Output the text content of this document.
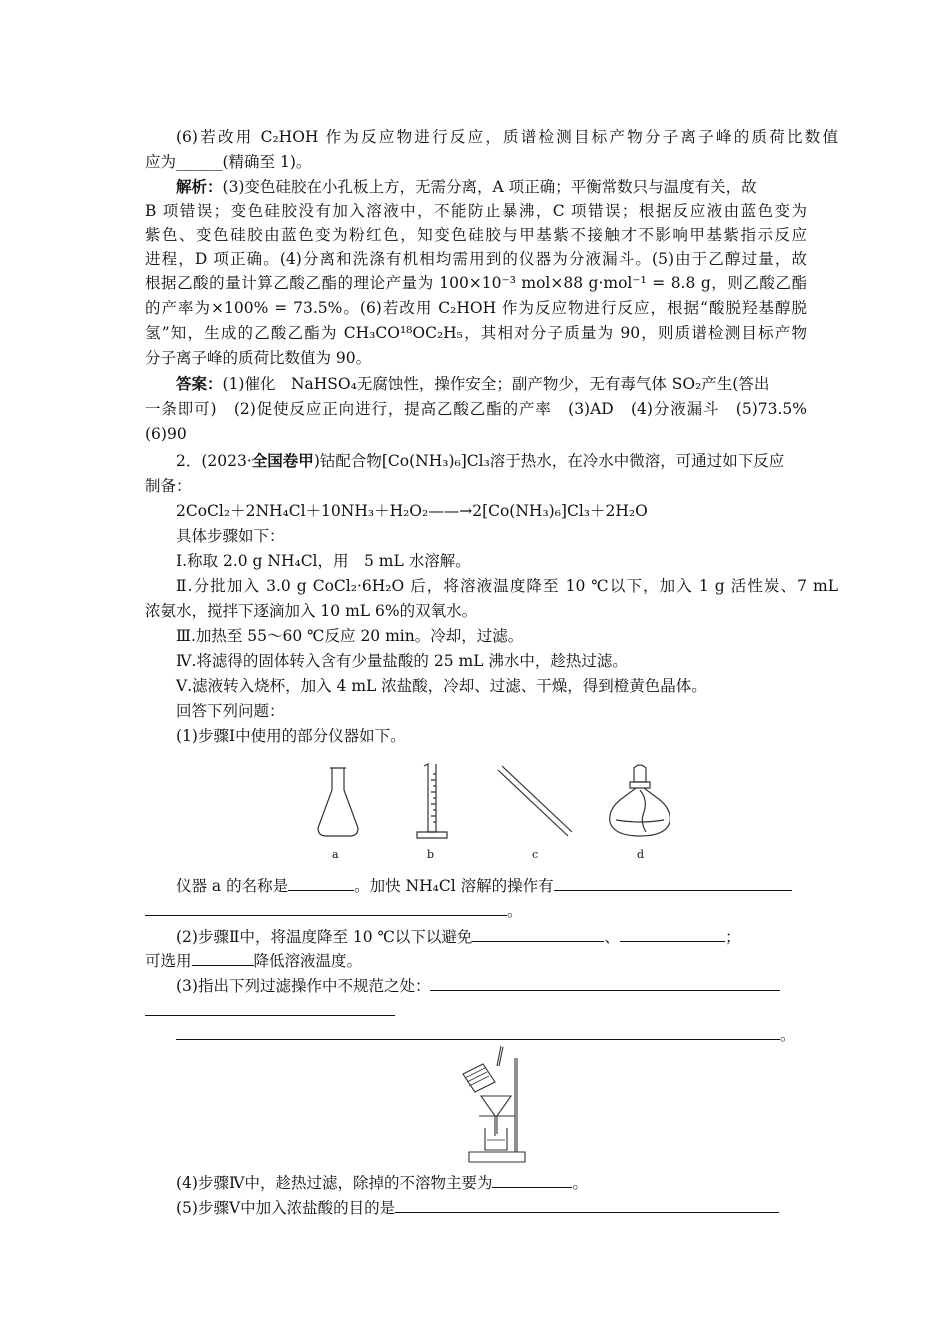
(6)若改用 C₂HOH 作为反应物进行反应，质谱检测目标产物分子离子峰的质荷比数值
应为______(精确至 1)。
解析：(3)变色硅胶在小孔板上方，无需分离，A 项正确；平衡常数只与温度有关，故
B 项错误；变色硅胶没有加入溶液中，不能防止暴沸，C 项错误；根据反应液由蓝色变为
紫色、变色硅胶由蓝色变为粉红色，知变色硅胶与甲基紫不接触才不影响甲基紫指示反应
进程，D 项正确。(4)分离和洗涤有机相均需用到的仪器为分液漏斗。(5)由于乙醇过量，故
根据乙酸的量计算乙酸乙酯的理论产量为 100×10⁻³ mol×88 g·mol⁻¹ = 8.8 g，则乙酸乙酯
的产率为×100% = 73.5%。(6)若改用 C₂HOH 作为反应物进行反应，根据“酸脱羟基醇脱
氢”知，生成的乙酸乙酯为 CH₃CO¹⁸OC₂H₅，其相对分子质量为 90，则质谱检测目标产物
分子离子峰的质荷比数值为 90。
答案：(1)催化　NaHSO₄无腐蚀性，操作安全；副产物少，无有毒气体 SO₂产生(答出
一条即可)　(2)促使反应正向进行，提高乙酸乙酯的产率　(3)AD　(4)分液漏斗　(5)73.5%
(6)90
2．(2023·全国卷甲)钴配合物[Co(NH₃)₆]Cl₃溶于热水，在冷水中微溶，可通过如下反应
制备：
2CoCl₂＋2NH₄Cl＋10NH₃＋H₂O₂——→2[Co(NH₃)₆]Cl₃＋2H₂O
具体步骤如下：
Ⅰ.称取 2.0 g NH₄Cl，用　5 mL 水溶解。
Ⅱ.分批加入 3.0 g CoCl₂·6H₂O 后，将溶液温度降至 10 ℃以下，加入 1 g 活性炭、7 mL
浓氨水，搅拌下逐滴加入 10 mL 6%的双氧水。
Ⅲ.加热至 55～60 ℃反应 20 min。冷却，过滤。
Ⅳ.将滤得的固体转入含有少量盐酸的 25 mL 沸水中，趁热过滤。
Ⅴ.滤液转入烧杯，加入 4 mL 浓盐酸，冷却、过滤、干燥，得到橙黄色晶体。
回答下列问题：
(1)步骤Ⅰ中使用的部分仪器如下。
a	b	c	d
仪器 a 的名称是	。加快 NH₄Cl 溶解的操作有
。
(2)步骤Ⅱ中，将温度降至 10 ℃以下以避免	、	；
可选用	降低溶液温度。
(3)指出下列过滤操作中不规范之处：
。
(4)步骤Ⅳ中，趁热过滤，除掉的不溶物主要为	。
(5)步骤Ⅴ中加入浓盐酸的目的是
